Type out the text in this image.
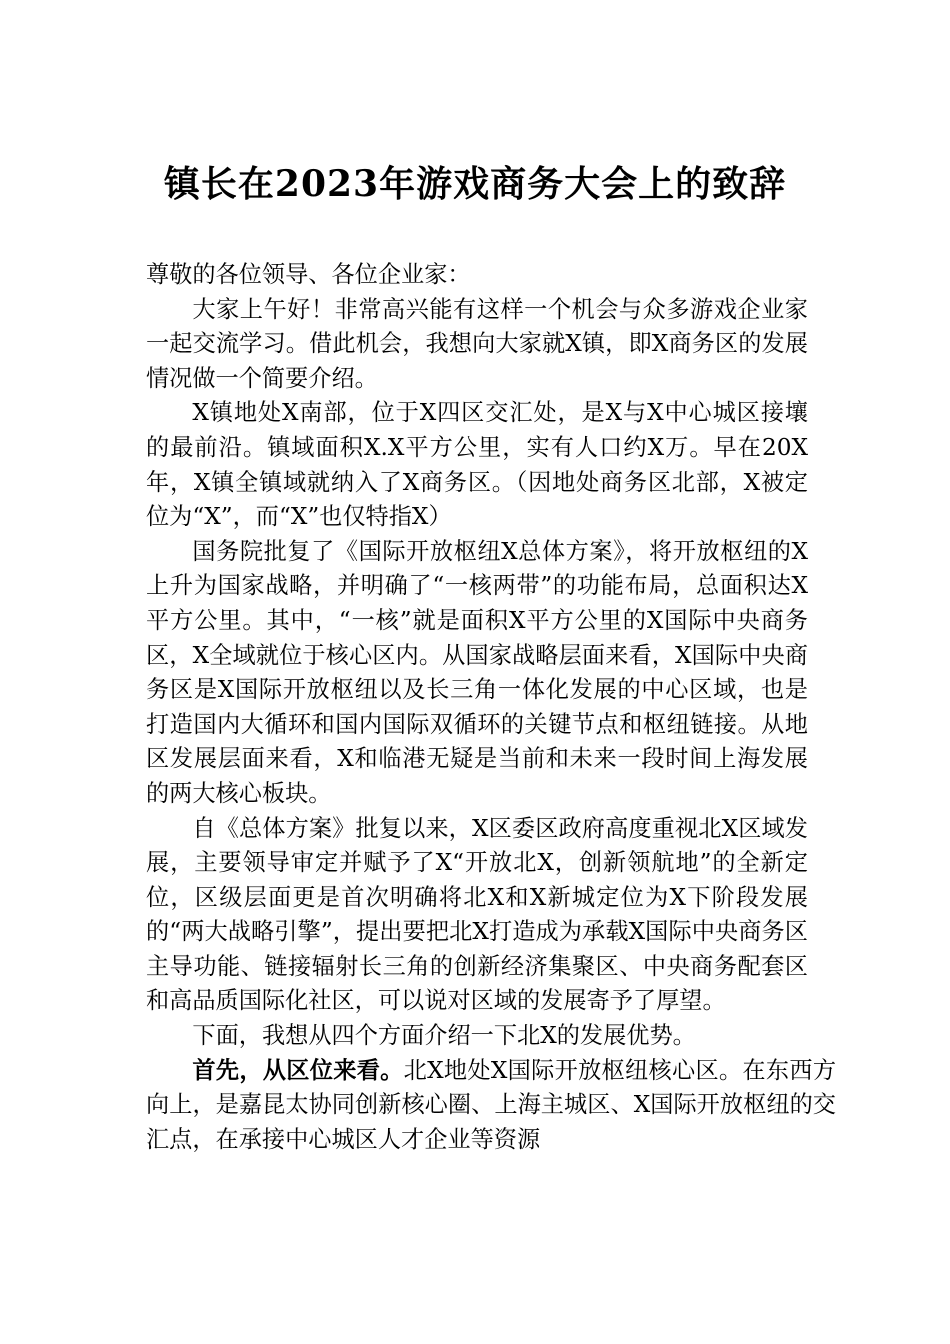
镇长在2023年游戏商务大会上的致辞

尊敬的各位领导、各位企业家：

大家上午好！非常高兴能有这样一个机会与众多游戏企业家一起交流学习。借此机会，我想向大家就X镇，即X商务区的发展情况做一个简要介绍。

X镇地处X南部，位于X四区交汇处，是X与X中心城区接壤的最前沿。镇域面积X.X平方公里，实有人口约X万。早在20X年，X镇全镇域就纳入了X商务区。（因地处商务区北部，X被定位为“X”，而“X”也仅特指X）

国务院批复了《国际开放枢纽X总体方案》，将开放枢纽的X上升为国家战略，并明确了“一核两带”的功能布局，总面积达X平方公里。其中，“一核”就是面积X平方公里的X国际中央商务区，X全域就位于核心区内。从国家战略层面来看，X国际中央商务区是X国际开放枢纽以及长三角一体化发展的中心区域，也是打造国内大循环和国内国际双循环的关键节点和枢纽链接。从地区发展层面来看，X和临港无疑是当前和未来一段时间上海发展的两大核心板块。

自《总体方案》批复以来，X区委区政府高度重视北X区域发展，主要领导审定并赋予了X“开放北X，创新领航地”的全新定位，区级层面更是首次明确将北X和X新城定位为X下阶段发展的“两大战略引擎”，提出要把北X打造成为承载X国际中央商务区主导功能、链接辐射长三角的创新经济集聚区、中央商务配套区和高品质国际化社区，可以说对区域的发展寄予了厚望。

下面，我想从四个方面介绍一下北X的发展优势。

首先，从区位来看。北X地处X国际开放枢纽核心区。在东西方向上，是嘉昆太协同创新核心圈、上海主城区、X国际开放枢纽的交汇点，在承接中心城区人才企业等资源
